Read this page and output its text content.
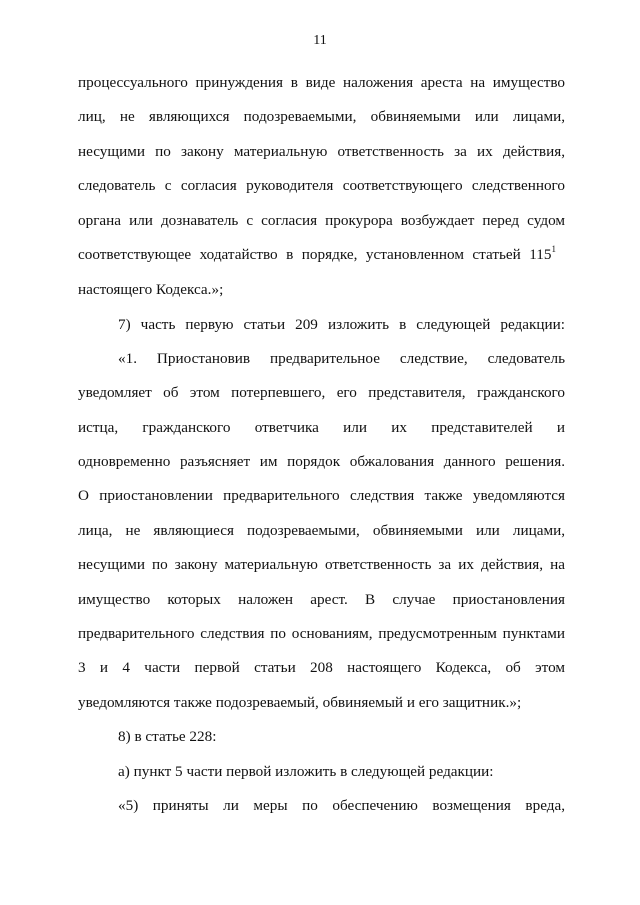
11
процессуального принуждения в виде наложения ареста на имущество
лиц, не являющихся подозреваемыми, обвиняемыми или лицами,
несущими по закону материальную ответственность за их действия,
следователь с согласия руководителя соответствующего следственного
органа или дознаватель с согласия прокурора возбуждает перед судом
соответствующее ходатайство в порядке, установленном статьей $115^1$
настоящего Кодекса.»;
7) часть первую статьи 209 изложить в следующей редакции:
«1. Приостановив предварительное следствие, следователь
уведомляет об этом потерпевшего, его представителя, гражданского
истца, гражданского ответчика или их представителей и
одновременно разъясняет им порядок обжалования данного решения.
О приостановлении предварительного следствия также уведомляются
лица, не являющиеся подозреваемыми, обвиняемыми или лицами,
несущими по закону материальную ответственность за их действия, на
имущество которых наложен арест. В случае приостановления
предварительного следствия по основаниям, предусмотренным пунктами
3 и 4 части первой статьи 208 настоящего Кодекса, об этом
уведомляются также подозреваемый, обвиняемый и его защитник.»;
8) в статье 228:
а) пункт 5 части первой изложить в следующей редакции:
«5) приняты ли меры по обеспечению возмещения вреда,
